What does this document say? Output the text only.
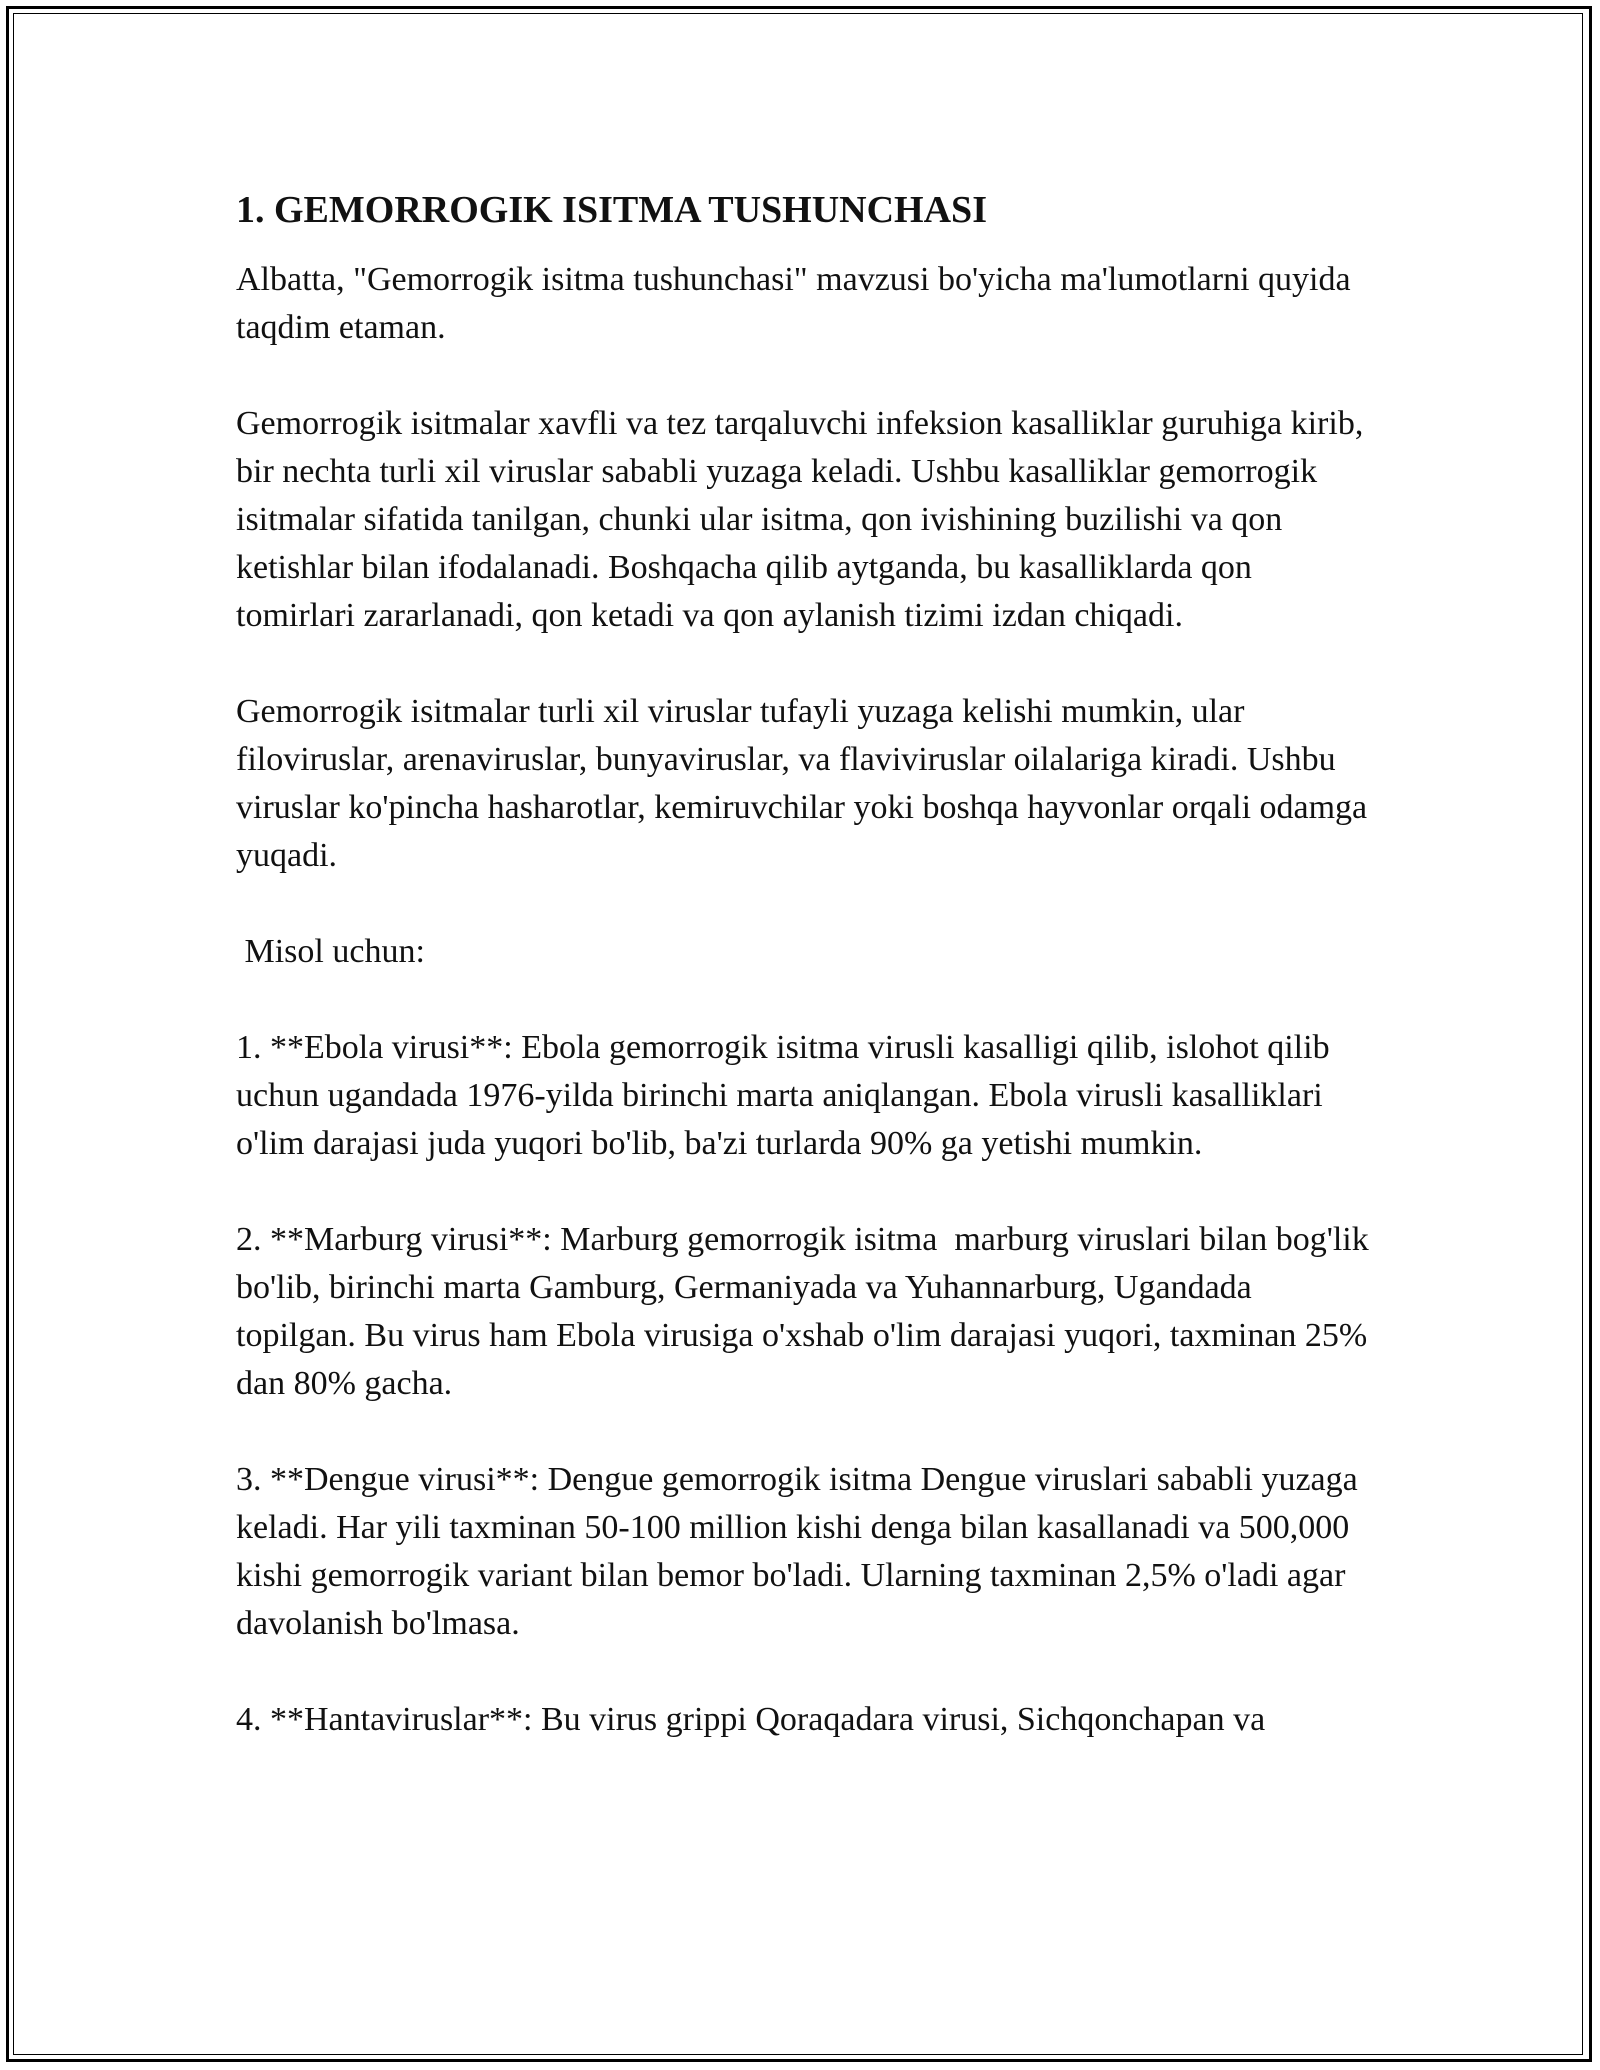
1. GEMORROGIK ISITMA TUSHUNCHASI

Albatta, "Gemorrogik isitma tushunchasi" mavzusi bo'yicha ma'lumotlarni quyida taqdim etaman.

Gemorrogik isitmalar xavfli va tez tarqaluvchi infeksion kasalliklar guruhiga kirib, bir nechta turli xil viruslar sababli yuzaga keladi. Ushbu kasalliklar gemorrogik isitmalar sifatida tanilgan, chunki ular isitma, qon ivishining buzilishi va qon ketishlar bilan ifodalanadi. Boshqacha qilib aytganda, bu kasalliklarda qon tomirlari zararlanadi, qon ketadi va qon aylanish tizimi izdan chiqadi.

Gemorrogik isitmalar turli xil viruslar tufayli yuzaga kelishi mumkin, ular filoviruslar, arenaviruslar, bunyaviruslar, va flaviviruslar oilalariga kiradi. Ushbu viruslar ko'pincha hasharotlar, kemiruvchilar yoki boshqa hayvonlar orqali odamga yuqadi.

Misol uchun:

1. **Ebola virusi**: Ebola gemorrogik isitma virusli kasalligi qilib, islohot qilib uchun ugandada 1976-yilda birinchi marta aniqlangan. Ebola virusli kasalliklari o'lim darajasi juda yuqori bo'lib, ba'zi turlarda 90% ga yetishi mumkin.

2. **Marburg virusi**: Marburg gemorrogik isitma  marburg viruslari bilan bog'lik bo'lib, birinchi marta Gamburg, Germaniyada va Yuhannarburg, Ugandada topilgan. Bu virus ham Ebola virusiga o'xshab o'lim darajasi yuqori, taxminan 25% dan 80% gacha.

3. **Dengue virusi**: Dengue gemorrogik isitma Dengue viruslari sababli yuzaga keladi. Har yili taxminan 50-100 million kishi denga bilan kasallanadi va 500,000 kishi gemorrogik variant bilan bemor bo'ladi. Ularning taxminan 2,5% o'ladi agar davolanish bo'lmasa.

4. **Hantaviruslar**: Bu virus grippi Qoraqadara virusi, Sichqonchapan va
